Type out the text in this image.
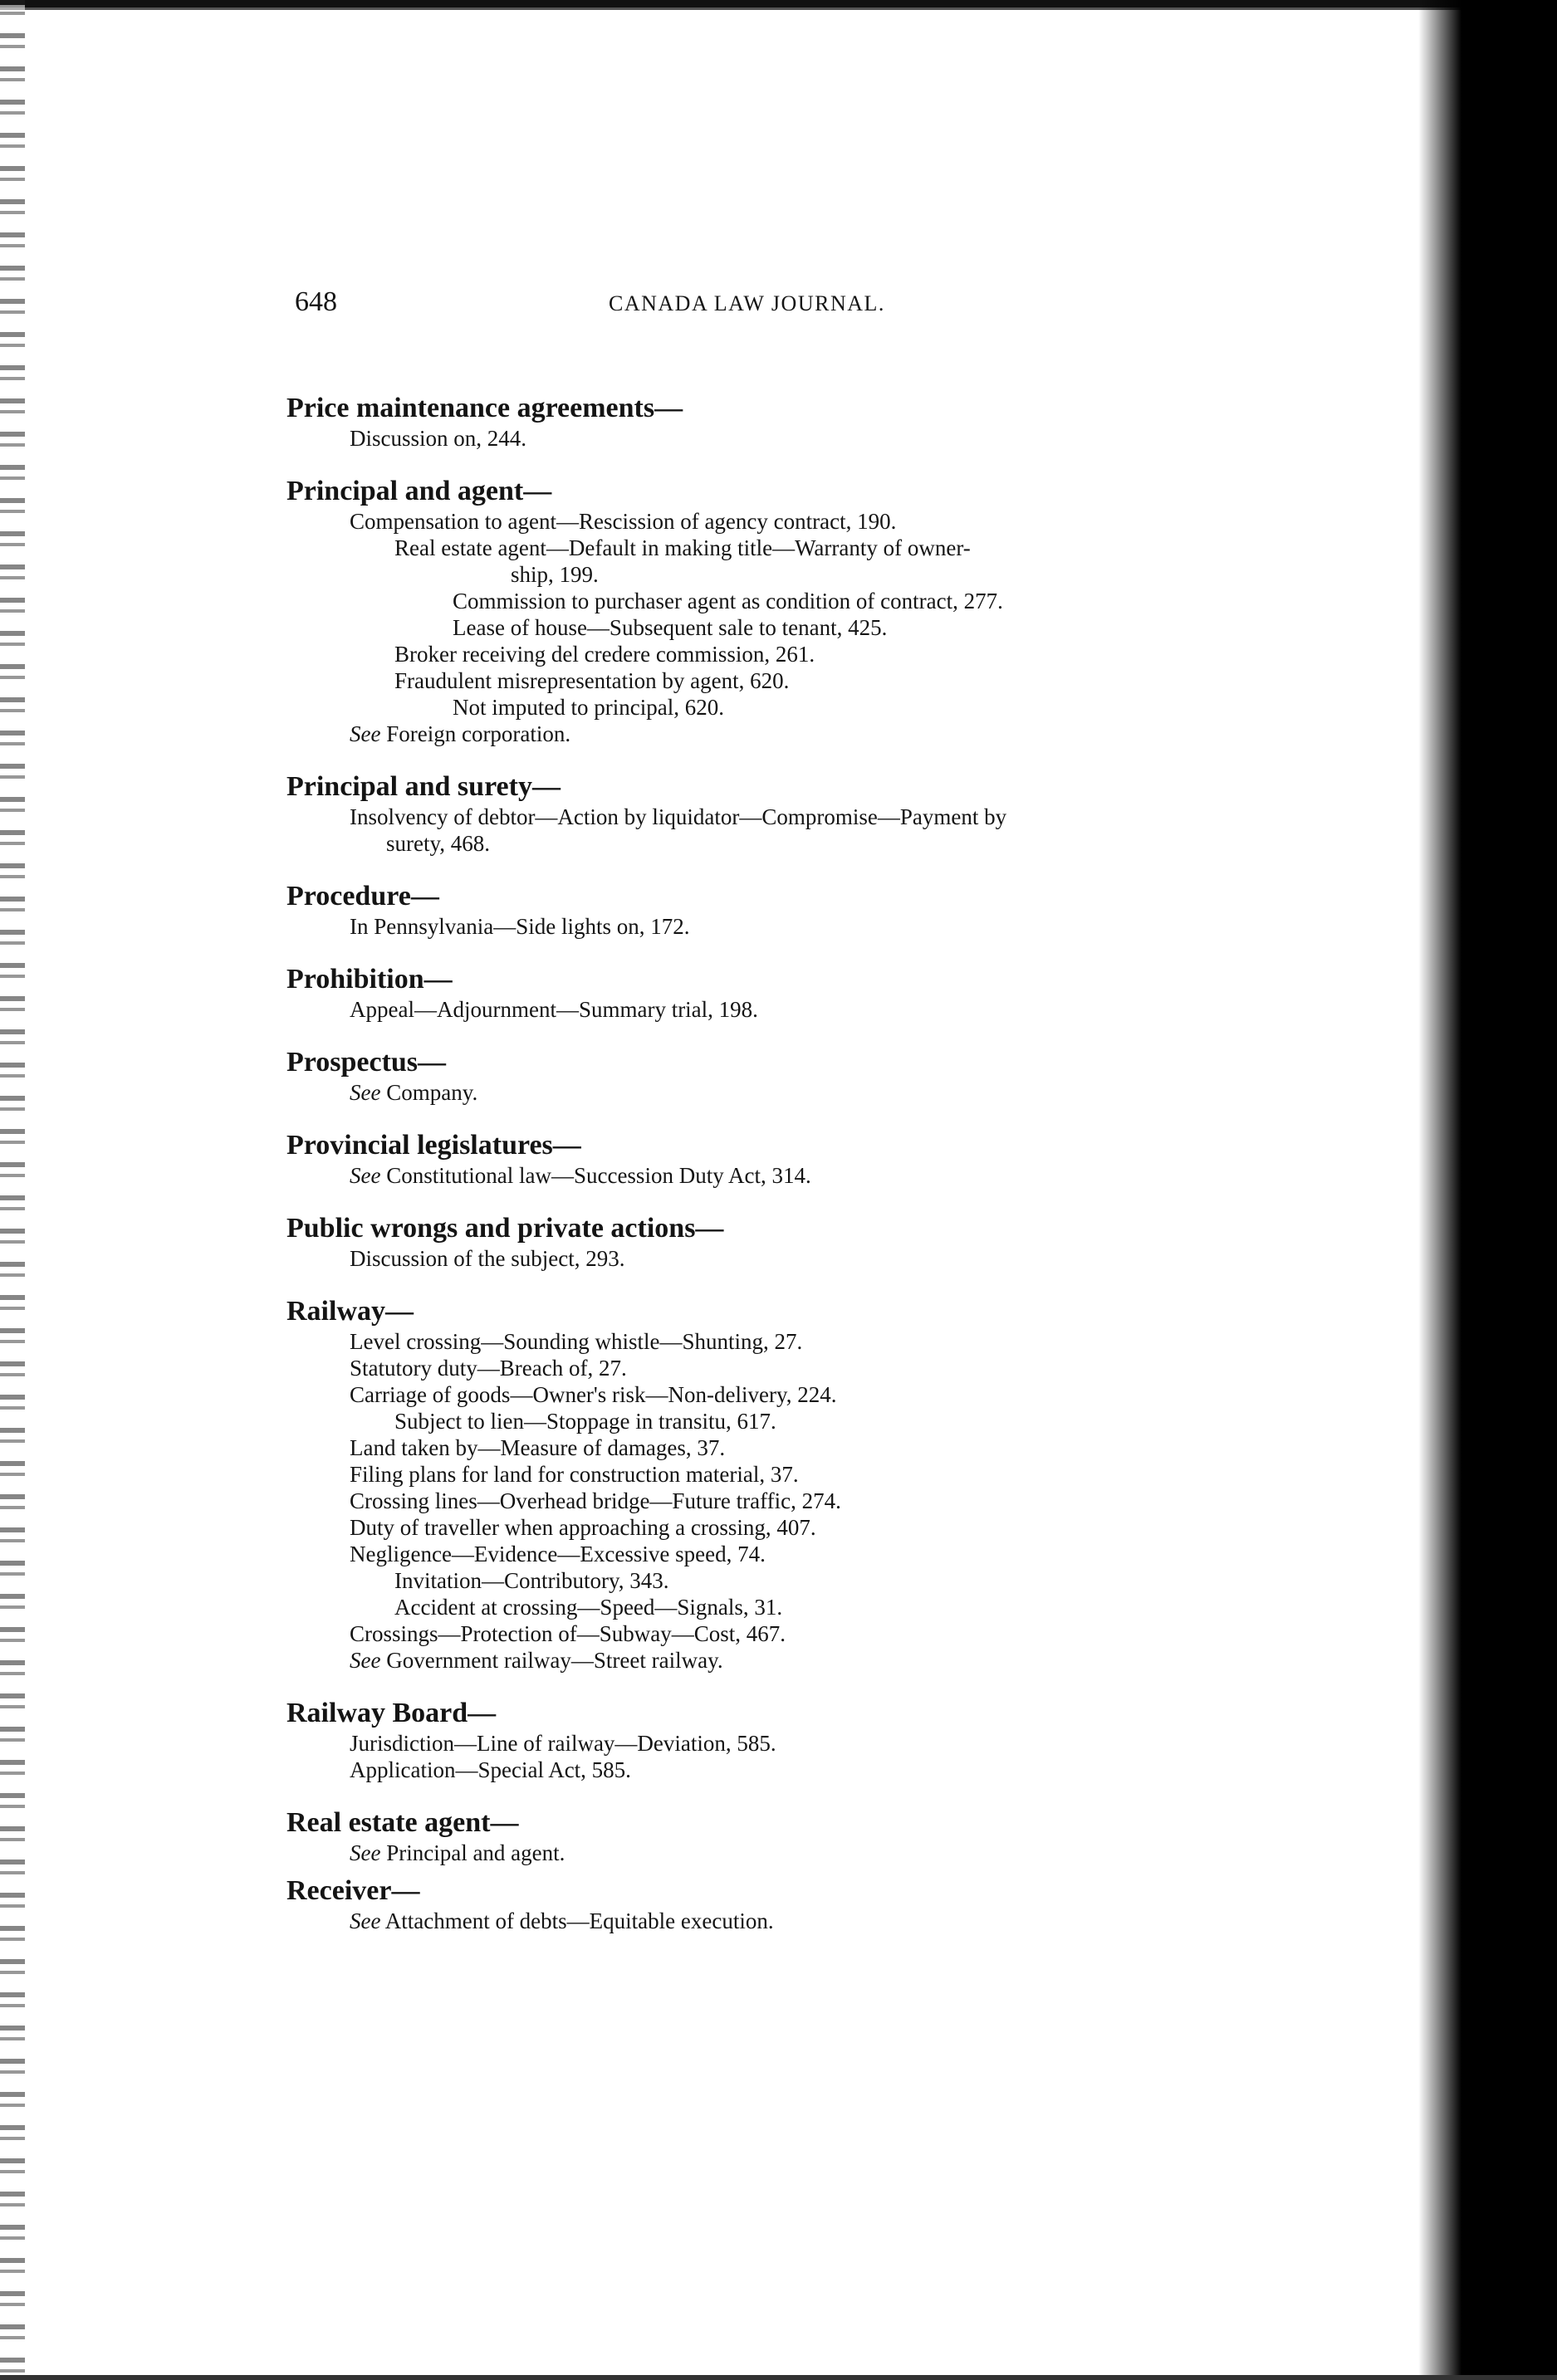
648	CANADA LAW JOURNAL.
Price maintenance agreements—
Discussion on, 244.
Principal and agent—
Compensation to agent—Rescission of agency contract, 190.
Real estate agent—Default in making title—Warranty of owner-
ship, 199.
Commission to purchaser agent as condition of contract, 277.
Lease of house—Subsequent sale to tenant, 425.
Broker receiving del credere commission, 261.
Fraudulent misrepresentation by agent, 620.
Not imputed to principal, 620.
See Foreign corporation.
Principal and surety—
Insolvency of debtor—Action by liquidator—Compromise—Payment by
surety, 468.
Procedure—
In Pennsylvania—Side lights on, 172.
Prohibition—
Appeal—Adjournment—Summary trial, 198.
Prospectus—
See Company.
Provincial legislatures—
See Constitutional law—Succession Duty Act, 314.
Public wrongs and private actions—
Discussion of the subject, 293.
Railway—
Level crossing—Sounding whistle—Shunting, 27.
Statutory duty—Breach of, 27.
Carriage of goods—Owner's risk—Non-delivery, 224.
Subject to lien—Stoppage in transitu, 617.
Land taken by—Measure of damages, 37.
Filing plans for land for construction material, 37.
Crossing lines—Overhead bridge—Future traffic, 274.
Duty of traveller when approaching a crossing, 407.
Negligence—Evidence—Excessive speed, 74.
Invitation—Contributory, 343.
Accident at crossing—Speed—Signals, 31.
Crossings—Protection of—Subway—Cost, 467.
See Government railway—Street railway.
Railway Board—
Jurisdiction—Line of railway—Deviation, 585.
Application—Special Act, 585.
Real estate agent—
See Principal and agent.
Receiver—
See Attachment of debts—Equitable execution.
